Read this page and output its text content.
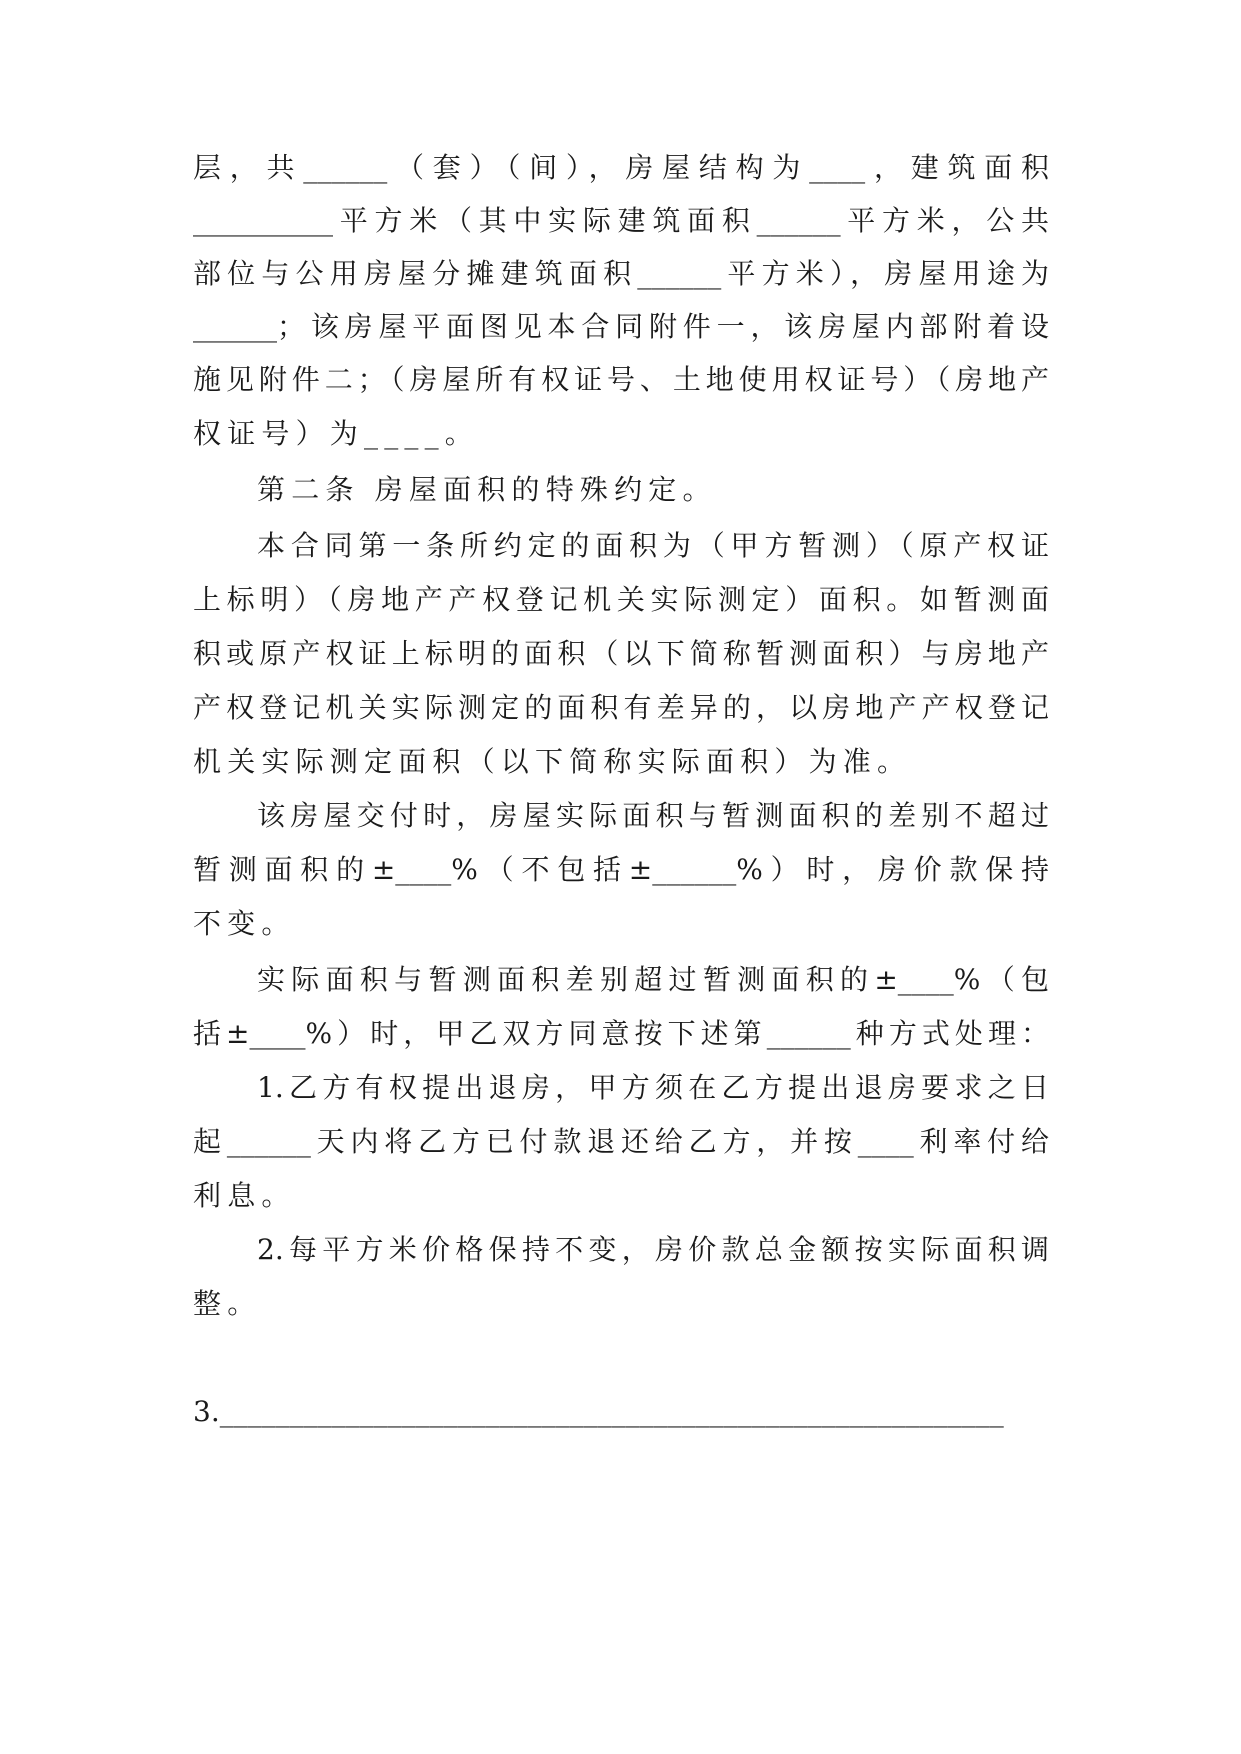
层，共______（套）（间），房屋结构为____，建筑面积
__________平方米（其中实际建筑面积______平方米，公共
部位与公用房屋分摊建筑面积______平方米），房屋用途为
______；该房屋平面图见本合同附件一，该房屋内部附着设
施见附件二；（房屋所有权证号、土地使用权证号）（房地产
权证号）为____。
第二条 房屋面积的特殊约定。
本合同第一条所约定的面积为（甲方暂测）（原产权证
上标明）（房地产产权登记机关实际测定）面积。如暂测面
积或原产权证上标明的面积（以下简称暂测面积）与房地产
产权登记机关实际测定的面积有差异的，以房地产产权登记
机关实际测定面积（以下简称实际面积）为准。
该房屋交付时，房屋实际面积与暂测面积的差别不超过
暂测面积的±____%（不包括±______%）时，房价款保持
不变。
实际面积与暂测面积差别超过暂测面积的±____%（包
括±____%）时，甲乙双方同意按下述第______种方式处理：
1.乙方有权提出退房，甲方须在乙方提出退房要求之日
起______天内将乙方已付款退还给乙方，并按____利率付给
利息。
2.每平方米价格保持不变，房价款总金额按实际面积调
整。
3.________________________________________________________
